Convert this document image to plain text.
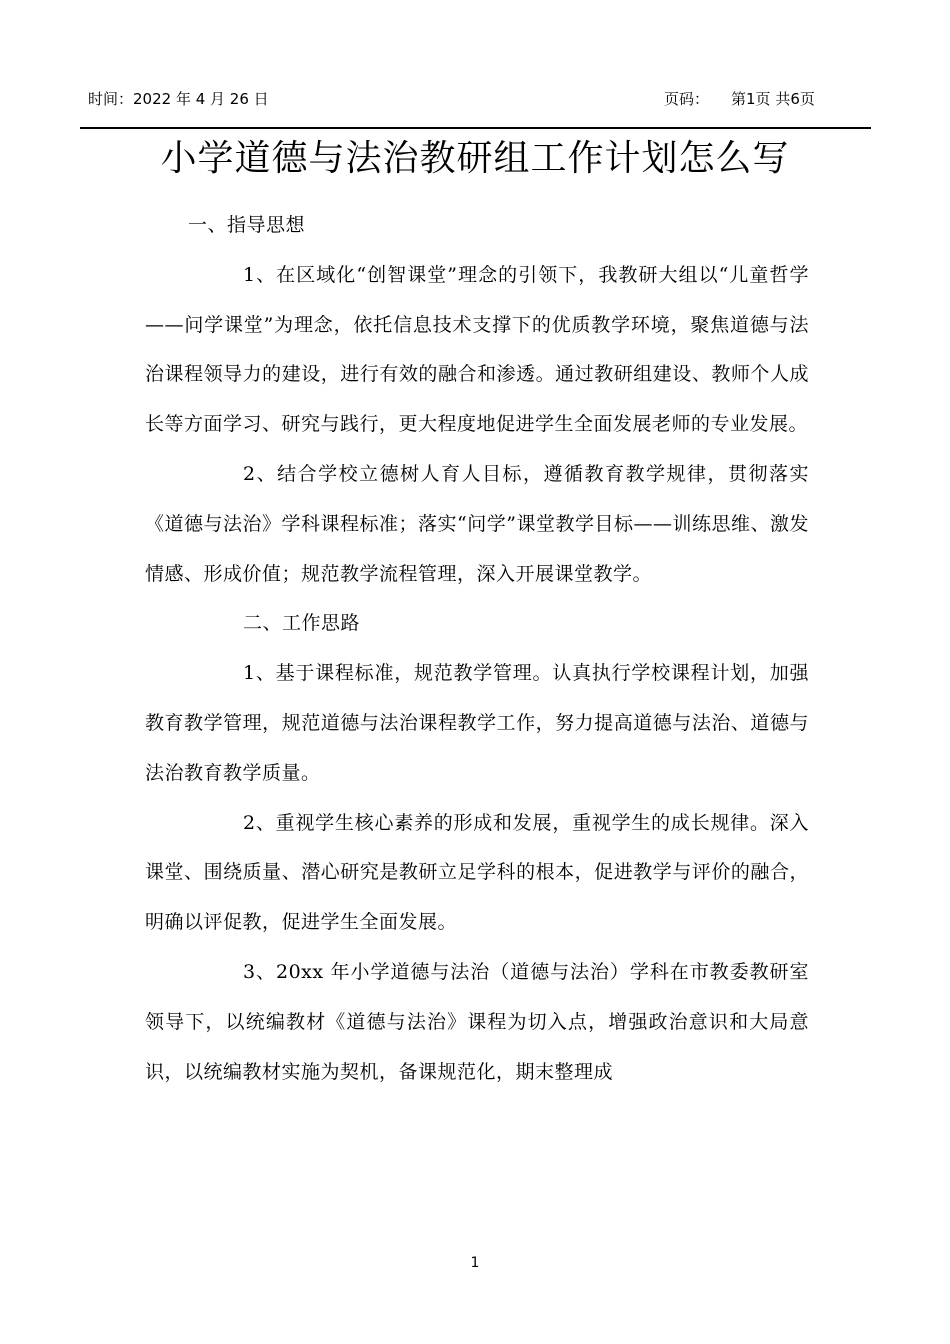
时间：2022 年 4 月 26 日	页码： 第1页 共6页
小学道德与法治教研组工作计划怎么写

一、指导思想

1、在区域化“创智课堂”理念的引领下，我教研大组以“儿童哲学——问学课堂”为理念，依托信息技术支撑下的优质教学环境，聚焦道德与法治课程领导力的建设，进行有效的融合和渗透。通过教研组建设、教师个人成长等方面学习、研究与践行，更大程度地促进学生全面发展老师的专业发展。

2、结合学校立德树人育人目标，遵循教育教学规律，贯彻落实《道德与法治》学科课程标准；落实“问学”课堂教学目标——训练思维、激发情感、形成价值；规范教学流程管理，深入开展课堂教学。

二、工作思路

1、基于课程标准，规范教学管理。认真执行学校课程计划，加强教育教学管理，规范道德与法治课程教学工作，努力提高道德与法治、道德与法治教育教学质量。

2、重视学生核心素养的形成和发展，重视学生的成长规律。深入课堂、围绕质量、潜心研究是教研立足学科的根本，促进教学与评价的融合，明确以评促教，促进学生全面发展。

3、20xx 年小学道德与法治（道德与法治）学科在市教委教研室领导下，以统编教材《道德与法治》课程为切入点，增强政治意识和大局意识，以统编教材实施为契机，备课规范化，期末整理成

1
